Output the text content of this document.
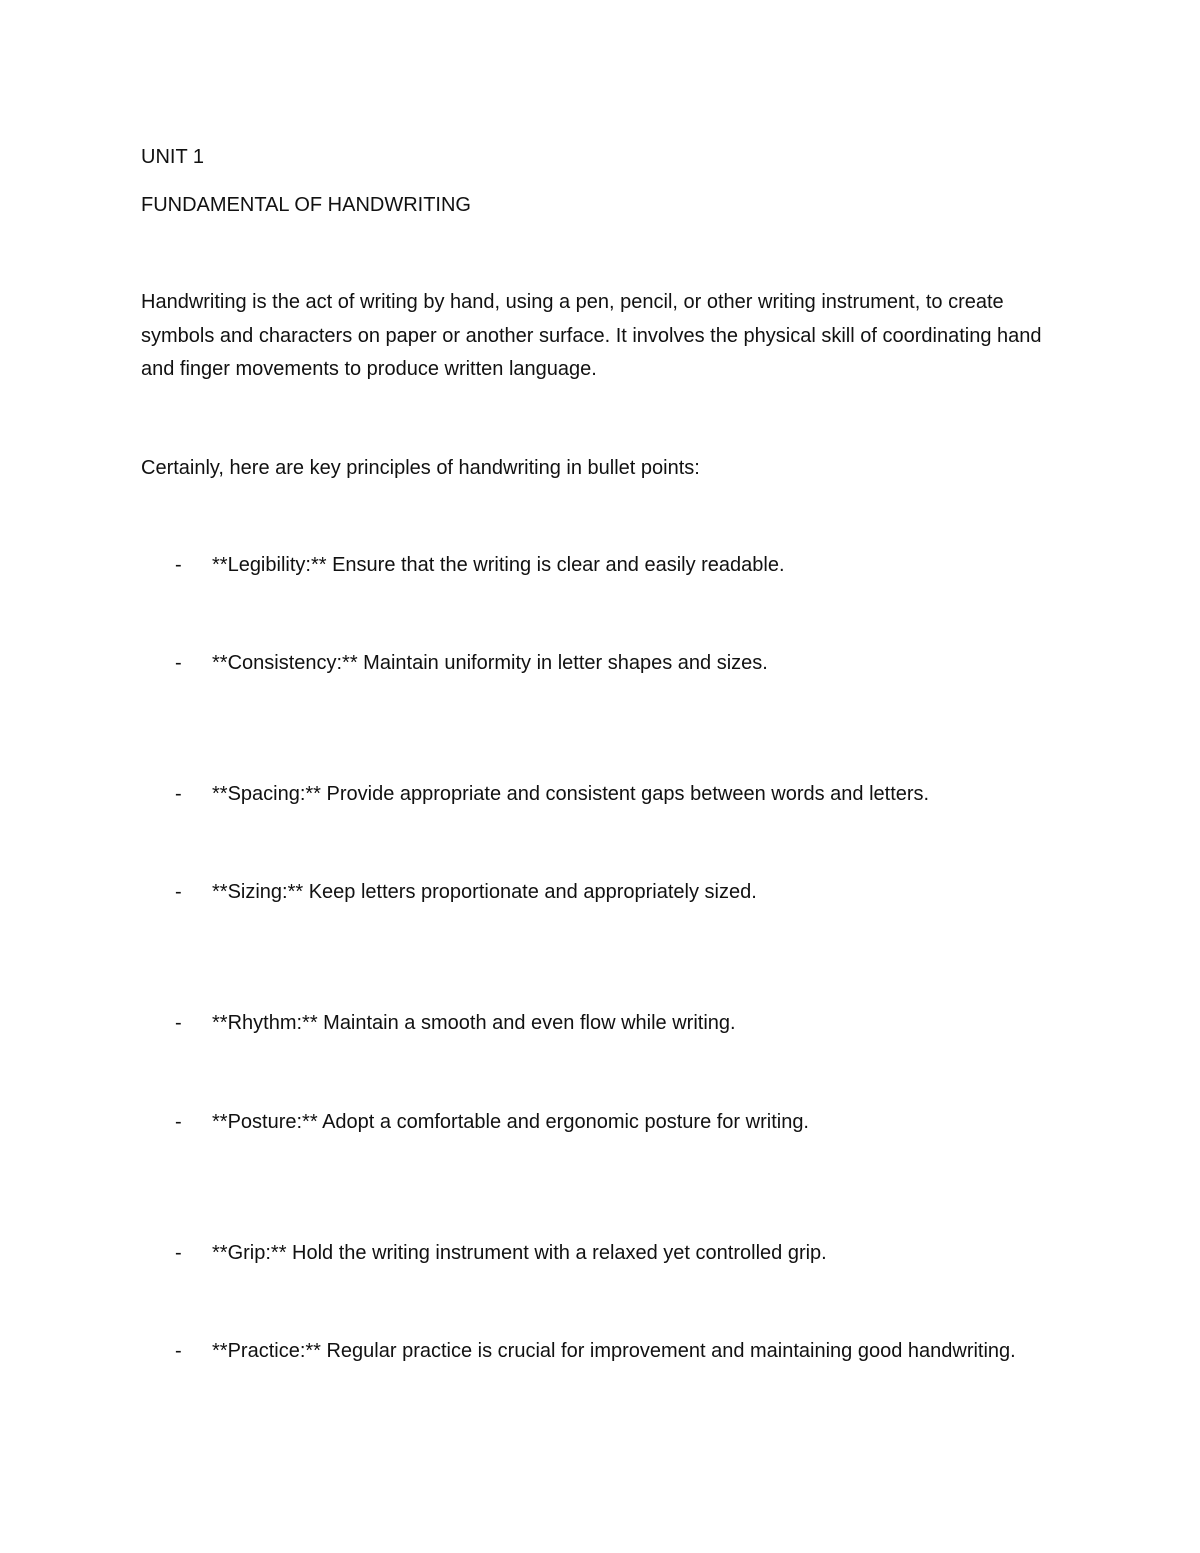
UNIT 1
FUNDAMENTAL OF HANDWRITING
Handwriting is the act of writing by hand, using a pen, pencil, or other writing instrument, to create symbols and characters on paper or another surface. It involves the physical skill of coordinating hand and finger movements to produce written language.
Certainly, here are key principles of handwriting in bullet points:
- **Legibility:** Ensure that the writing is clear and easily readable.
- **Consistency:** Maintain uniformity in letter shapes and sizes.
- **Spacing:** Provide appropriate and consistent gaps between words and letters.
- **Sizing:** Keep letters proportionate and appropriately sized.
- **Rhythm:** Maintain a smooth and even flow while writing.
- **Posture:** Adopt a comfortable and ergonomic posture for writing.
- **Grip:** Hold the writing instrument with a relaxed yet controlled grip.
- **Practice:** Regular practice is crucial for improvement and maintaining good handwriting.
